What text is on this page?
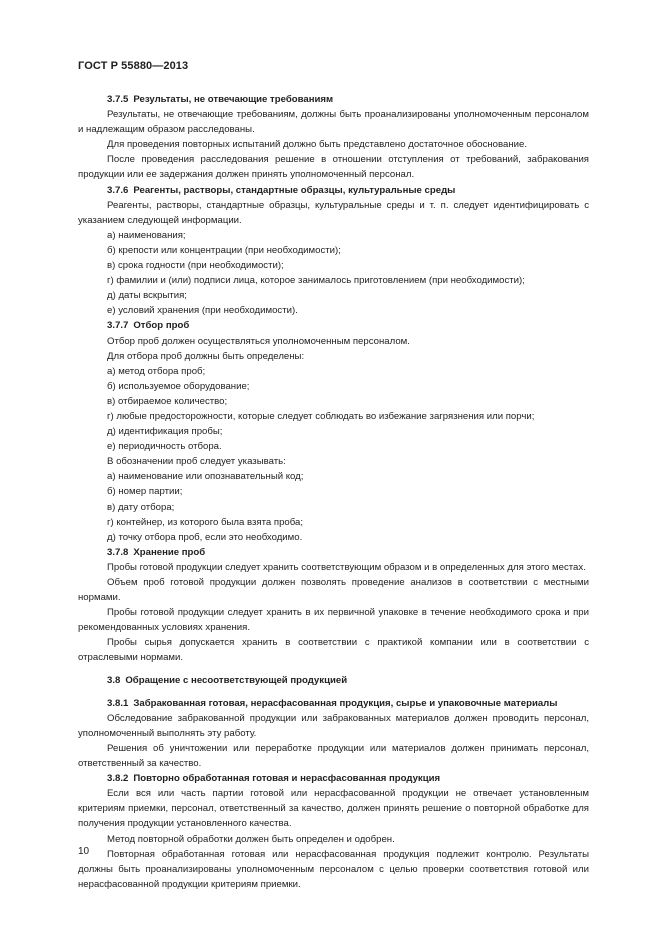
ГОСТ Р 55880—2013

3.7.5 Результаты, не отвечающие требованиям

Результаты, не отвечающие требованиям, должны быть проанализированы уполномоченным персоналом и надлежащим образом расследованы.

Для проведения повторных испытаний должно быть представлено достаточное обоснование.

После проведения расследования решение в отношении отступления от требований, забракования продукции или ее задержания должен принять уполномоченный персонал.

3.7.6 Реагенты, растворы, стандартные образцы, культуральные среды

Реагенты, растворы, стандартные образцы, культуральные среды и т. п. следует идентифицировать с указанием следующей информации.

а) наименования;

б) крепости или концентрации (при необходимости);

в) срока годности (при необходимости);

г) фамилии и (или) подписи лица, которое занималось приготовлением (при необходимости);

д) даты вскрытия;

е) условий хранения (при необходимости).

3.7.7 Отбор проб

Отбор проб должен осуществляться уполномоченным персоналом.

Для отбора проб должны быть определены:

а) метод отбора проб;

б) используемое оборудование;

в) отбираемое количество;

г) любые предосторожности, которые следует соблюдать во избежание загрязнения или порчи;

д) идентификация пробы;

е) периодичность отбора.

В обозначении проб следует указывать:

а) наименование или опознавательный код;

б) номер партии;

в) дату отбора;

г) контейнер, из которого была взята проба;

д) точку отбора проб, если это необходимо.

3.7.8 Хранение проб

Пробы готовой продукции следует хранить соответствующим образом и в определенных для этого местах.

Объем проб готовой продукции должен позволять проведение анализов в соответствии с местными нормами.

Пробы готовой продукции следует хранить в их первичной упаковке в течение необходимого срока и при рекомендованных условиях хранения.

Пробы сырья допускается хранить в соответствии с практикой компании или в соответствии с отраслевыми нормами.

3.8 Обращение с несоответствующей продукцией

3.8.1 Забракованная готовая, нерасфасованная продукция, сырье и упаковочные материалы

Обследование забракованной продукции или забракованных материалов должен проводить персонал, уполномоченный выполнять эту работу.

Решения об уничтожении или переработке продукции или материалов должен принимать персонал, ответственный за качество.

3.8.2 Повторно обработанная готовая и нерасфасованная продукция

Если вся или часть партии готовой или нерасфасованной продукции не отвечает установленным критериям приемки, персонал, ответственный за качество, должен принять решение о повторной обработке для получения продукции установленного качества.

Метод повторной обработки должен быть определен и одобрен.

Повторная обработанная готовая или нерасфасованная продукция подлежит контролю. Результаты должны быть проанализированы уполномоченным персоналом с целью проверки соответствия готовой или нерасфасованной продукции критериям приемки.

10
